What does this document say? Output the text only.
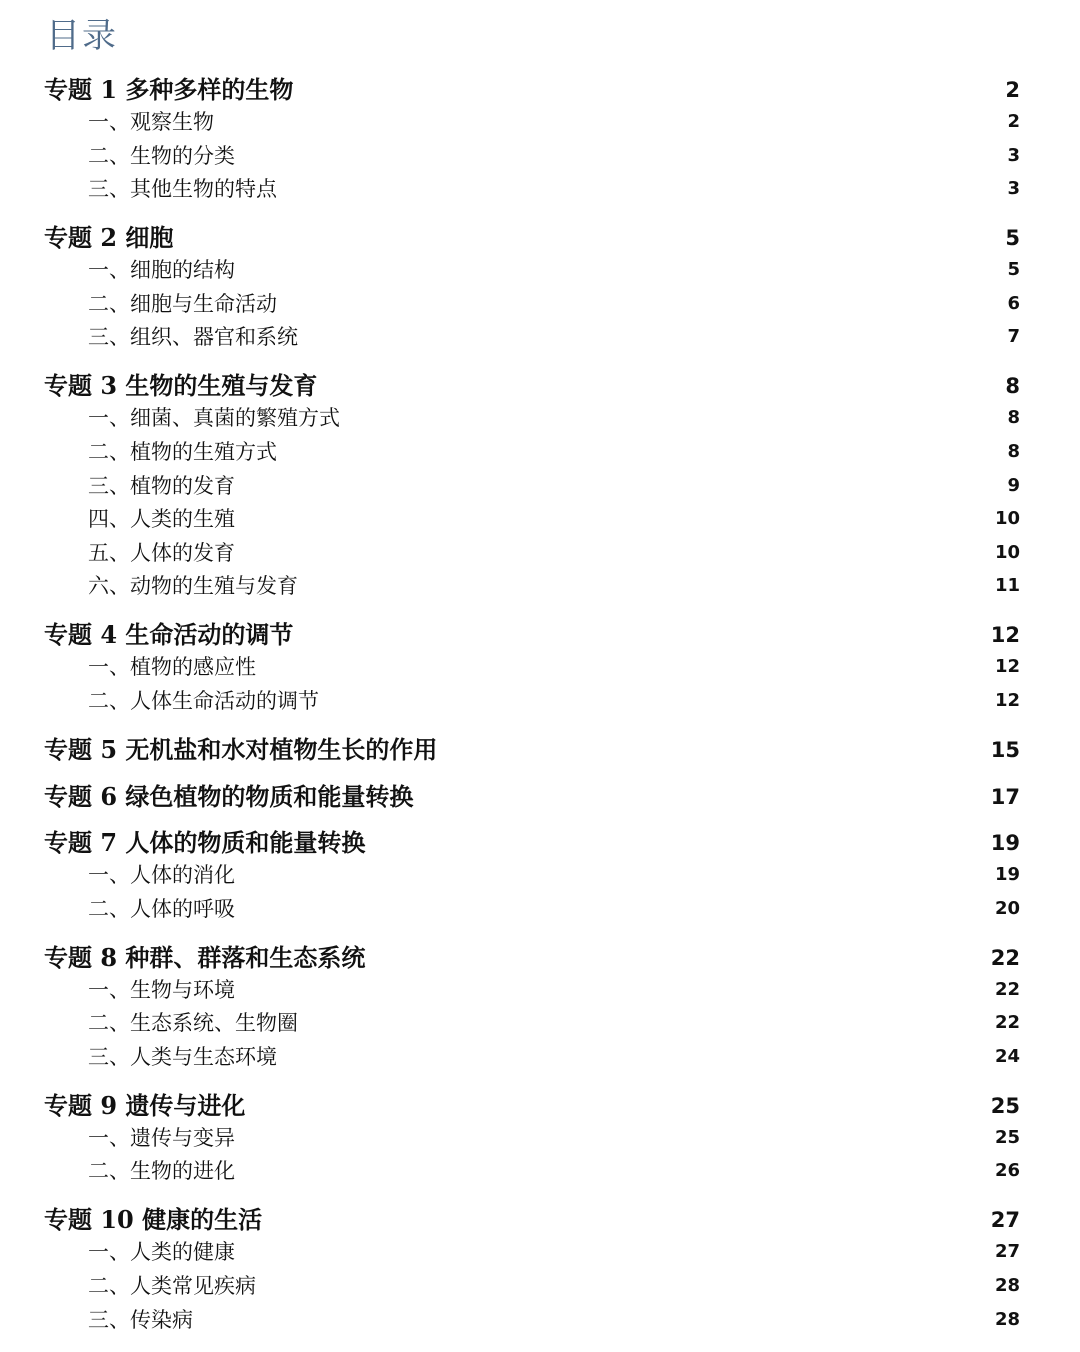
目录
专题 1 多种多样的生物	2
一、观察生物	2
二、生物的分类	3
三、其他生物的特点	3
专题 2 细胞	5
一、细胞的结构	5
二、细胞与生命活动	6
三、组织、器官和系统	7
专题 3 生物的生殖与发育	8
一、细菌、真菌的繁殖方式	8
二、植物的生殖方式	8
三、植物的发育	9
四、人类的生殖	10
五、人体的发育	10
六、动物的生殖与发育	11
专题 4 生命活动的调节	12
一、植物的感应性	12
二、人体生命活动的调节	12
专题 5 无机盐和水对植物生长的作用	15
专题 6 绿色植物的物质和能量转换	17
专题 7 人体的物质和能量转换	19
一、人体的消化	19
二、人体的呼吸	20
专题 8 种群、群落和生态系统	22
一、生物与环境	22
二、生态系统、生物圈	22
三、人类与生态环境	24
专题 9 遗传与进化	25
一、遗传与变异	25
二、生物的进化	26
专题 10 健康的生活	27
一、人类的健康	27
二、人类常见疾病	28
三、传染病	28
